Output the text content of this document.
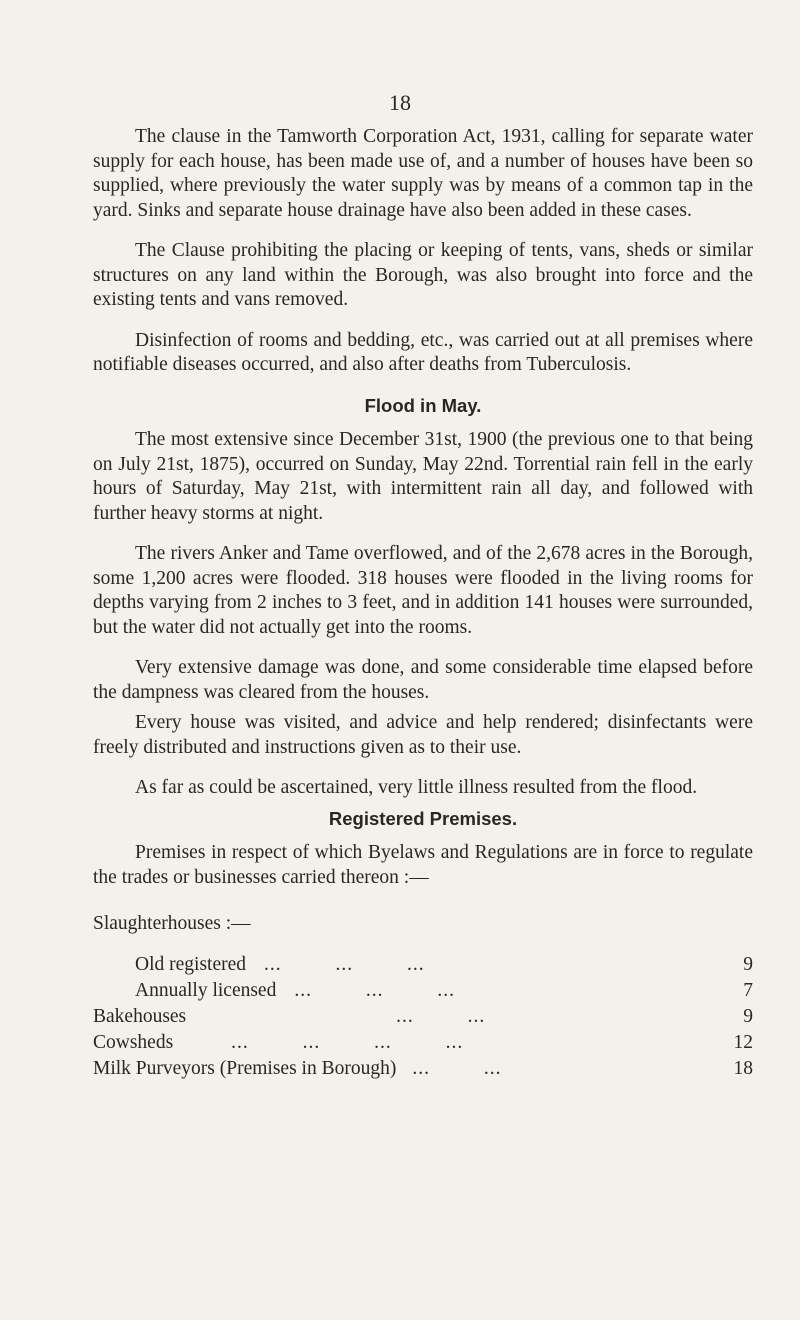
18

The clause in the Tamworth Corporation Act, 1931, calling for separate water supply for each house, has been made use of, and a number of houses have been so supplied, where previously the water supply was by means of a common tap in the yard. Sinks and separate house drainage have also been added in these cases.

The Clause prohibiting the placing or keeping of tents, vans, sheds or similar structures on any land within the Borough, was also brought into force and the existing tents and vans removed.

Disinfection of rooms and bedding, etc., was carried out at all premises where notifiable diseases occurred, and also after deaths from Tuberculosis.

Flood in May.

The most extensive since December 31st, 1900 (the previous one to that being on July 21st, 1875), occurred on Sunday, May 22nd. Torrential rain fell in the early hours of Saturday, May 21st, with intermittent rain all day, and followed with further heavy storms at night.

The rivers Anker and Tame overflowed, and of the 2,678 acres in the Borough, some 1,200 acres were flooded. 318 houses were flooded in the living rooms for depths varying from 2 inches to 3 feet, and in addition 141 houses were surrounded, but the water did not actually get into the rooms.

Very extensive damage was done, and some considerable time elapsed before the dampness was cleared from the houses.

Every house was visited, and advice and help rendered; disinfectants were freely distributed and instructions given as to their use.

As far as could be ascertained, very little illness resulted from the flood.

Registered Premises.

Premises in respect of which Byelaws and Regulations are in force to regulate the trades or businesses carried thereon :—

Slaughterhouses :—
Old registered ... ... ...	9
Annually licensed ... ... ...	7
Bakehouses	... ...	9
Cowsheds	... ... ... ...	12
Milk Purveyors (Premises in Borough) ... ...	18
